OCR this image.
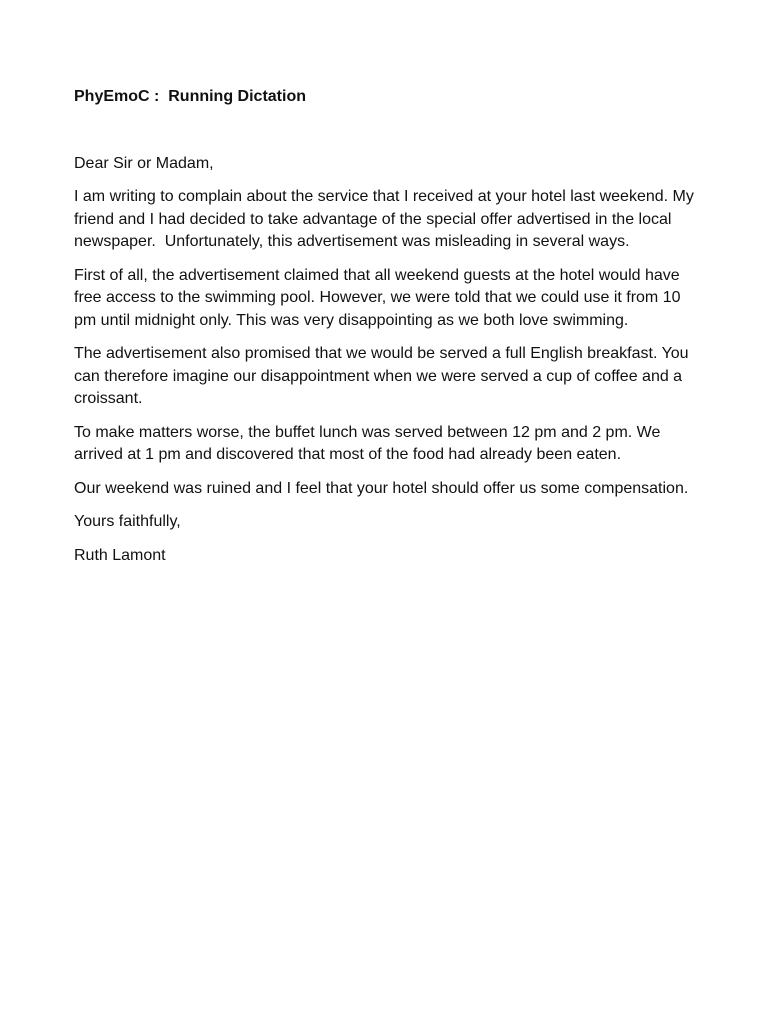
PhyEmoC :  Running Dictation
Dear Sir or Madam,

I am writing to complain about the service that I received at your hotel last weekend. My friend and I had decided to take advantage of the special offer advertised in the local newspaper.  Unfortunately, this advertisement was misleading in several ways.

First of all, the advertisement claimed that all weekend guests at the hotel would have free access to the swimming pool. However, we were told that we could use it from 10 pm until midnight only. This was very disappointing as we both love swimming.

The advertisement also promised that we would be served a full English breakfast. You can therefore imagine our disappointment when we were served a cup of coffee and a croissant.

To make matters worse, the buffet lunch was served between 12 pm and 2 pm. We arrived at 1 pm and discovered that most of the food had already been eaten.

Our weekend was ruined and I feel that your hotel should offer us some compensation.

Yours faithfully,
Ruth Lamont
